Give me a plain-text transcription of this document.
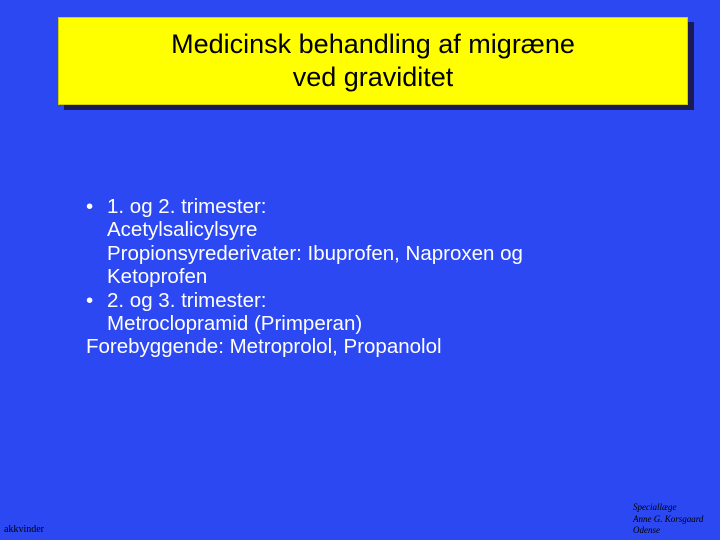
Medicinsk behandling af migræne
ved graviditet
• 1. og 2. trimester:
Acetylsalicylsyre
Propionsyrederivater: Ibuprofen, Naproxen og
Ketoprofen
• 2. og 3. trimester:
Metroclopramid (Primperan)
Forebyggende: Metroprolol, Propanolol
akkvinder
Speciallæge
Anne G. Korsgaard
Odense
